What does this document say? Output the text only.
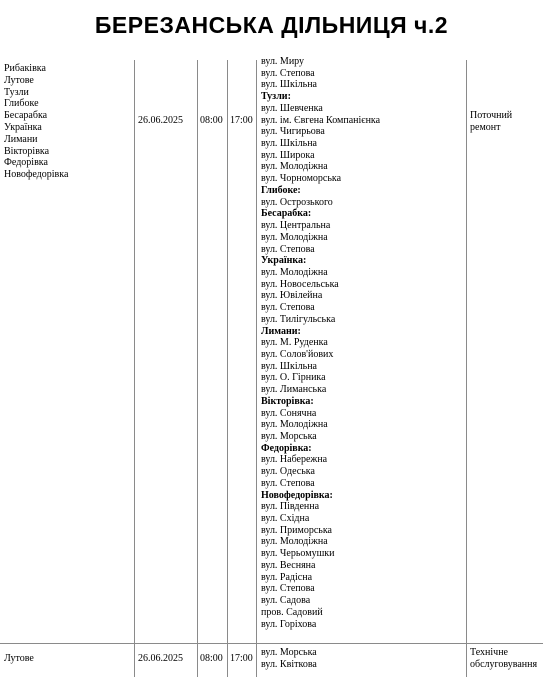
БЕРЕЗАНСЬКА ДІЛЬНИЦЯ ч.2
Рибаківка
Лутове
Тузли
Глибоке
Бесарабка
Українка
Лимани
Вікторівка
Федорівка
Новофедорівка
26.06.2025 08:00 17:00
вул. Миру
вул. Степова
вул. Шкільна
Тузли:
вул. Шевченка
вул. ім. Євгена Компанієнка
вул. Чигирьова
вул. Шкільна
вул. Широка
вул. Молодіжна
вул. Чорноморська
Глибоке:
вул. Острозького
Бесарабка:
вул. Центральна
вул. Молодіжна
вул. Степова
Українка:
вул. Молодіжна
вул. Новосельська
вул. Ювілейна
вул. Степова
вул. Тилігульська
Лимани:
вул. М. Руденка
вул. Солов'йових
вул. Шкільна
вул. О. Гірника
вул. Лиманська
Вікторівка:
вул. Сонячна
вул. Молодіжна
вул. Морська
Федорівка:
вул. Набережна
вул. Одеська
вул. Степова
Новофедорівка:
вул. Південна
вул. Східна
вул. Приморська
вул. Молодіжна
вул. Черьомушки
вул. Весняна
вул. Радісна
вул. Степова
вул. Садова
пров. Садовий
вул. Горіхова
Поточний
ремонт
Лутове	26.06.2025 08:00 17:00
вул. Морська
вул. Квіткова
Технічне
обслуговування
